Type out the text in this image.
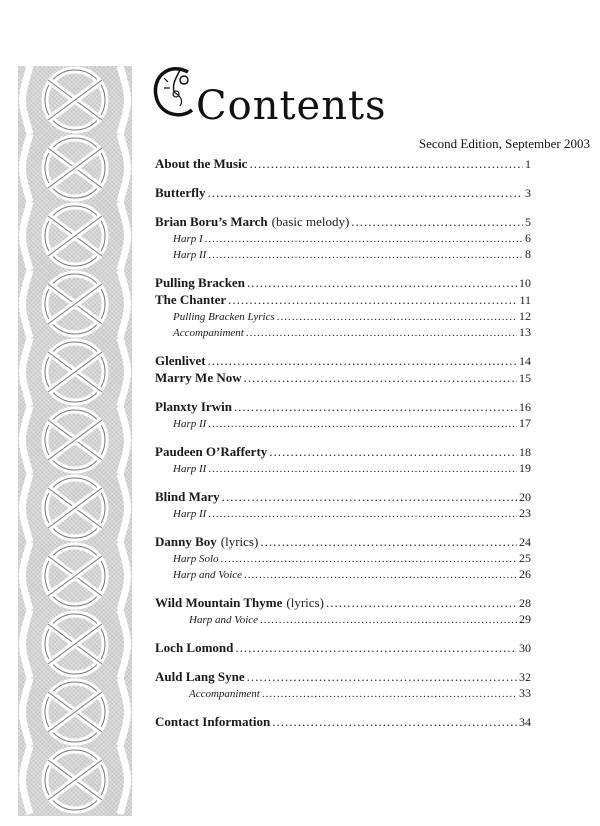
Contents
Second Edition, September 2003
About the Music .....	1
Butterfly .....	3
Brian Boru’s March (basic melody) .....	5
Harp I .....	6
Harp II .....	8
Pulling Bracken .....	10
The Chanter .....	11
Pulling Bracken Lyrics .....	12
Accompaniment .....	13
Glenlivet .....	14
Marry Me Now .....	15
Planxty Irwin .....	16
Harp II .....	17
Paudeen O’Rafferty .....	18
Harp II .....	19
Blind Mary .....	20
Harp II .....	23
Danny Boy (lyrics) .....	24
Harp Solo .....	25
Harp and Voice .....	26
Wild Mountain Thyme (lyrics) .....	28
Harp and Voice .....	29
Loch Lomond .....	30
Auld Lang Syne .....	32
Accompaniment .....	33
Contact Information .....	34
